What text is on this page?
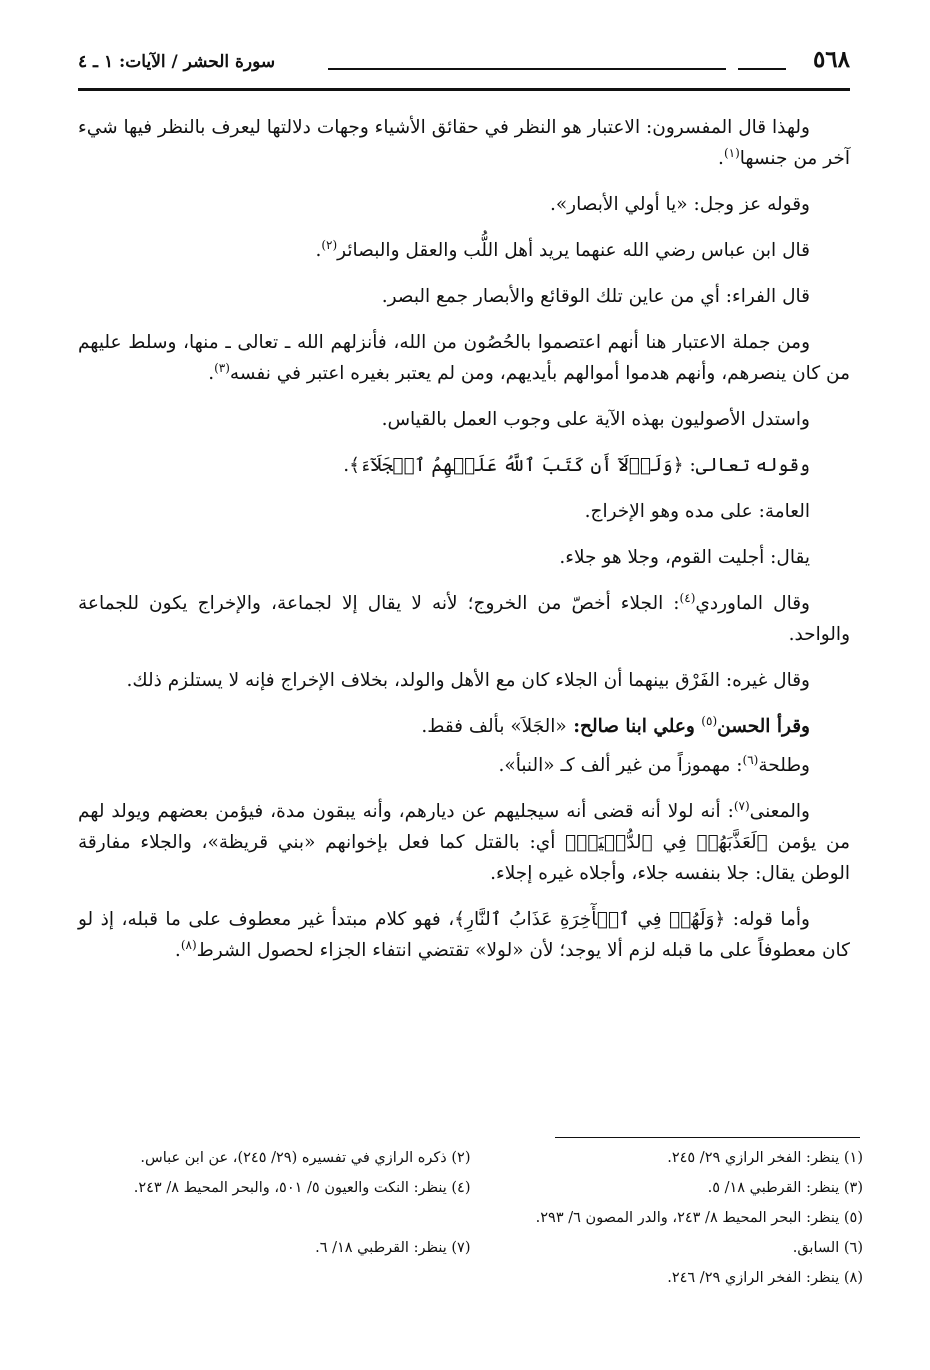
٥٦٨
سورة الحشر / الآيات: ١ ـ ٤

ولهذا قال المفسرون: الاعتبار هو النظر في حقائق الأشياء وجهات دلالتها ليعرف بالنظر فيها شيء آخر من جنسها$^{(١)}$.

وقوله عز وجل: «يا أولي الأبصار».

قال ابن عباس رضي الله عنهما يريد أهل اللُّب والعقل والبصائر$^{(٢)}$.

قال الفراء: أي من عاين تلك الوقائع والأبصار جمع البصر.

ومن جملة الاعتبار هنا أنهم اعتصموا بالحُصُون من الله، فأنزلهم الله ـ تعالى ـ منها، وسلط عليهم من كان ينصرهم، وأنهم هدموا أموالهم بأيديهم، ومن لم يعتبر بغيره اعتبر في نفسه$^{(٣)}$.

واستدل الأصوليون بهذه الآية على وجوب العمل بالقياس.

وقوله تعالى: ﴿وَلَوۡلَآ أَن كَتَبَ ٱللَّهُ عَلَيۡهِمُ ٱلۡجَلَآءَ﴾.

العامة: على مده وهو الإخراج.

يقال: أجليت القوم، وجلا هو جلاء.

وقال الماوردي$^{(٤)}$: الجلاء أخصّ من الخروج؛ لأنه لا يقال إلا لجماعة، والإخراج يكون للجماعة والواحد.

وقال غيره: الفَرْق بينهما أن الجلاء كان مع الأهل والولد، بخلاف الإخراج فإنه لا يستلزم ذلك.

وقرأ الحسن$^{(٥)}$ وعلي ابنا صالح: «الجَلاَ» بألف فقط.

وطلحة$^{(٦)}$: مهموزاً من غير ألف كـ «النبأ».

والمعنى$^{(٧)}$: أنه لولا أنه قضى أنه سيجليهم عن ديارهم، وأنه يبقون مدة، فيؤمن بعضهم ويولد لهم من يؤمن ﴿لَعَذَّبَهُمۡ فِي ٱلدُّنۡيَاۖ﴾ أي: بالقتل كما فعل بإخوانهم «بني قريظة»، والجلاء مفارقة الوطن يقال: جلا بنفسه جلاء، وأجلاه غيره إجلاء.

وأما قوله: ﴿وَلَهُمۡ فِي ٱلۡأٓخِرَةِ عَذَابُ ٱلنَّارِ﴾، فهو كلام مبتدأ غير معطوف على ما قبله، إذ لو كان معطوفاً على ما قبله لزم ألا يوجد؛ لأن «لولا» تقتضي انتفاء الجزاء لحصول الشرط$^{(٨)}$.

(١) ينظر: الفخر الرازي ٢٩/ ٢٤٥.
(٢) ذكره الرازي في تفسيره (٢٩/ ٢٤٥)، عن ابن عباس.
(٣) ينظر: القرطبي ١٨/ ٥.
(٤) ينظر: النكت والعيون ٥/ ٥٠١، والبحر المحيط ٨/ ٢٤٣.
(٥) ينظر: البحر المحيط ٨/ ٢٤٣، والدر المصون ٦/ ٢٩٣.
(٦) السابق.
(٧) ينظر: القرطبي ١٨/ ٦.
(٨) ينظر: الفخر الرازي ٢٩/ ٢٤٦.
